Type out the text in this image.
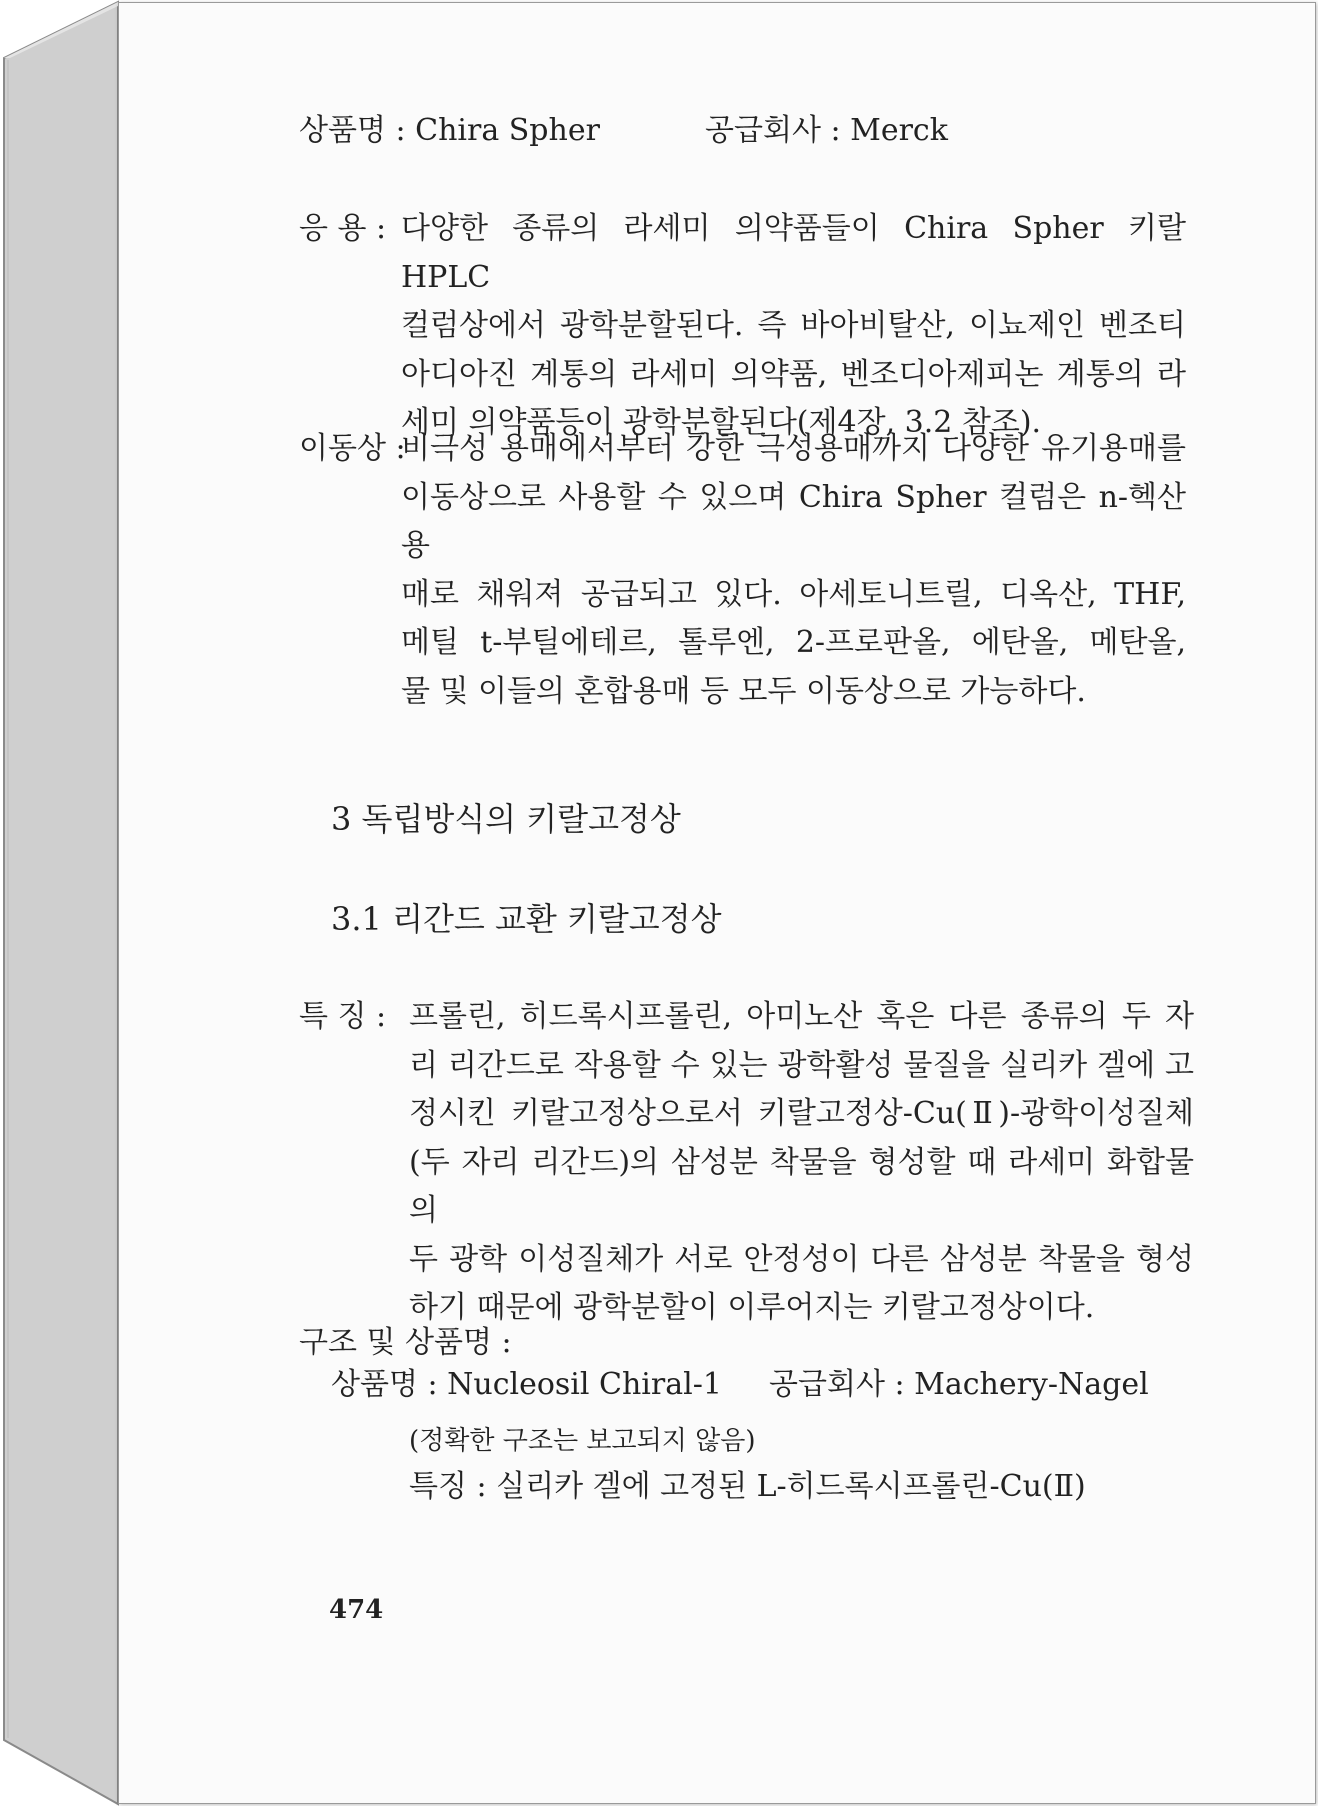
상품명 : Chira Spher	공급회사 : Merck
응 용 : 다양한 종류의 라세미 의약품들이 Chira Spher 키랄 HPLC
컬럼상에서 광학분할된다. 즉 바아비탈산, 이뇨제인 벤조티
아디아진 계통의 라세미 의약품, 벤조디아제피논 계통의 라
세미 의약품등이 광학분할된다(제4장, 3.2 참조).
이동상 :
비극성 용매에서부터 강한 극성용매까지 다양한 유기용매를
이동상으로 사용할 수 있으며 Chira Spher 컬럼은 n-헥산용
매로 채워져 공급되고 있다. 아세토니트릴, 디옥산, THF,
메틸 t-부틸에테르, 톨루엔, 2-프로판올, 에탄올, 메탄올,
물 및 이들의 혼합용매 등 모두 이동상으로 가능하다.
3 독립방식의 키랄고정상
3.1 리간드 교환 키랄고정상
특 징 : 프롤린, 히드록시프롤린, 아미노산 혹은 다른 종류의 두 자
리 리간드로 작용할 수 있는 광학활성 물질을 실리카 겔에 고
정시킨 키랄고정상으로서 키랄고정상-Cu(Ⅱ)-광학이성질체
(두 자리 리간드)의 삼성분 착물을 형성할 때 라세미 화합물의
두 광학 이성질체가 서로 안정성이 다른 삼성분 착물을 형성
하기 때문에 광학분할이 이루어지는 키랄고정상이다.
구조 및 상품명 :
상품명 : Nucleosil Chiral-1 공급회사 : Machery-Nagel
(정확한 구조는 보고되지 않음)
특징 : 실리카 겔에 고정된 L-히드록시프롤린-Cu(Ⅱ)
474
